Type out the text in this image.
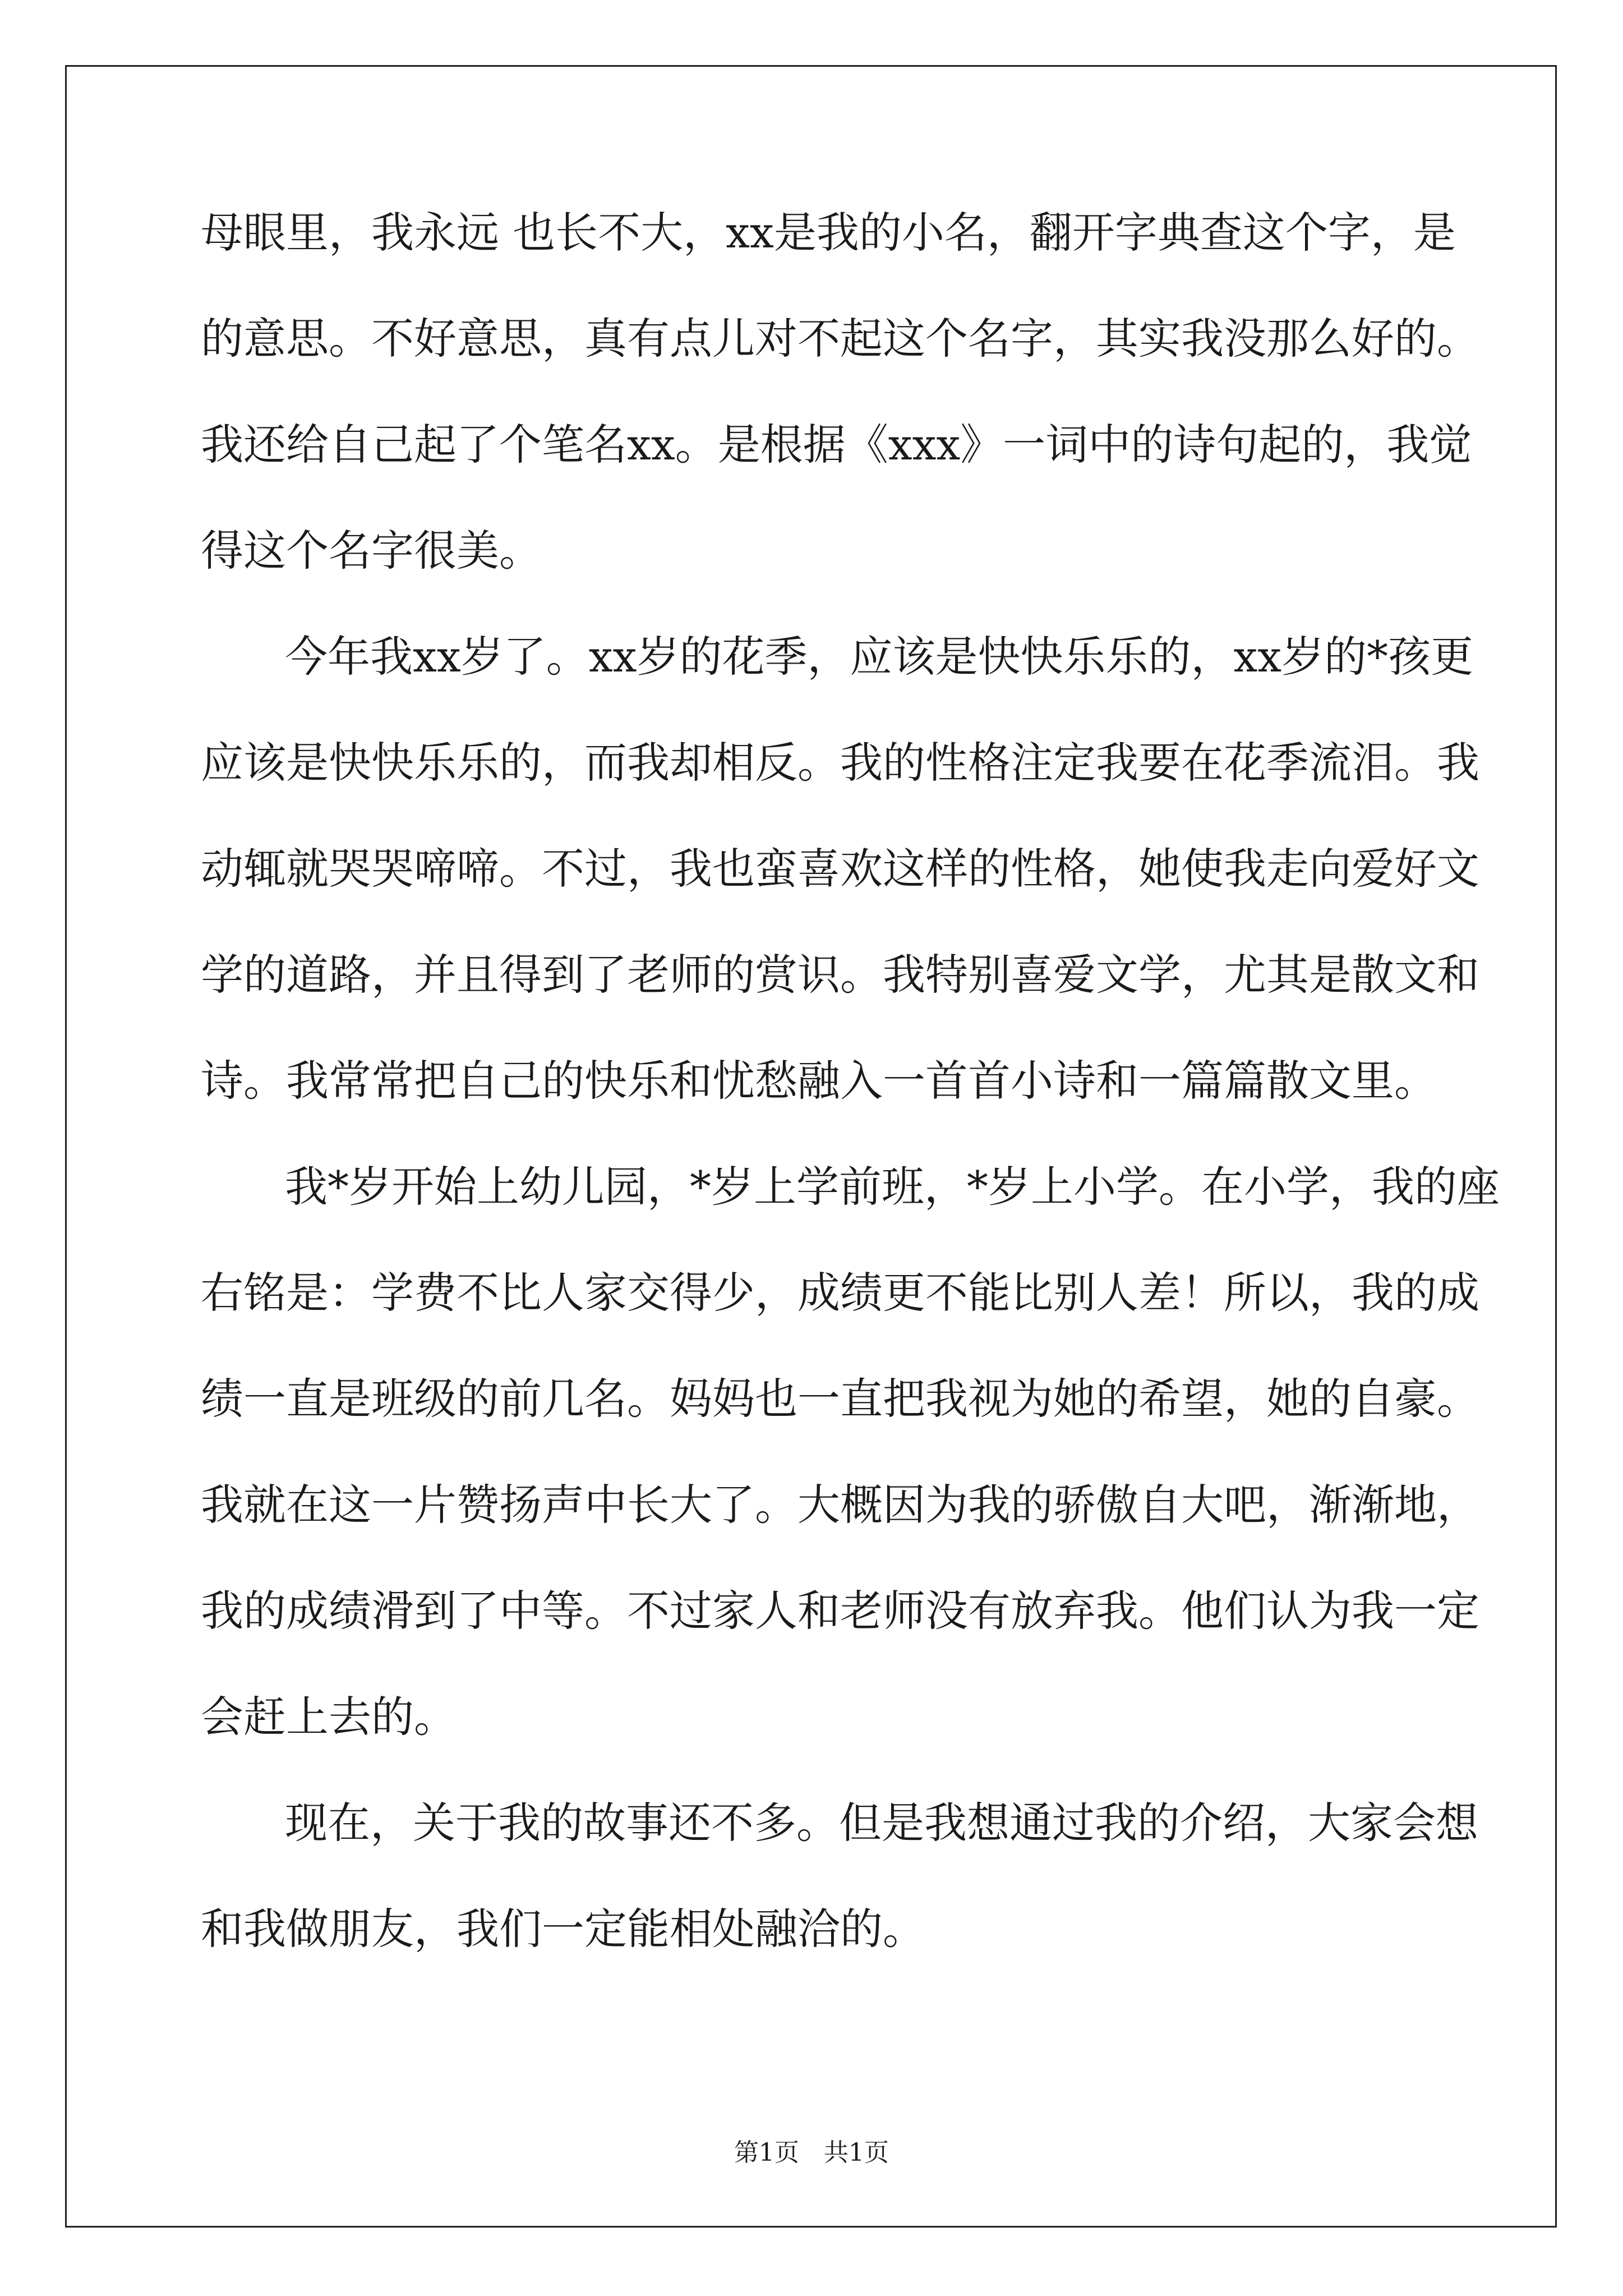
母眼里，我永远 也长不大，xx是我的小名，翻开字典查这个字，是
的意思。不好意思，真有点儿对不起这个名字，其实我没那么好的。
我还给自己起了个笔名xx。是根据《xxx》一词中的诗句起的，我觉
得这个名字很美。
今年我xx岁了。xx岁的花季，应该是快快乐乐的，xx岁的*孩更
应该是快快乐乐的，而我却相反。我的性格注定我要在花季流泪。我
动辄就哭哭啼啼。不过，我也蛮喜欢这样的性格，她使我走向爱好文
学的道路，并且得到了老师的赏识。我特别喜爱文学，尤其是散文和
诗。我常常把自己的快乐和忧愁融入一首首小诗和一篇篇散文里。
我*岁开始上幼儿园，*岁上学前班，*岁上小学。在小学，我的座
右铭是：学费不比人家交得少，成绩更不能比别人差！所以，我的成
绩一直是班级的前几名。妈妈也一直把我视为她的希望，她的自豪。
我就在这一片赞扬声中长大了。大概因为我的骄傲自大吧，渐渐地，
我的成绩滑到了中等。不过家人和老师没有放弃我。他们认为我一定
会赶上去的。
现在，关于我的故事还不多。但是我想通过我的介绍，大家会想
和我做朋友，我们一定能相处融洽的。
第1页　共1页
